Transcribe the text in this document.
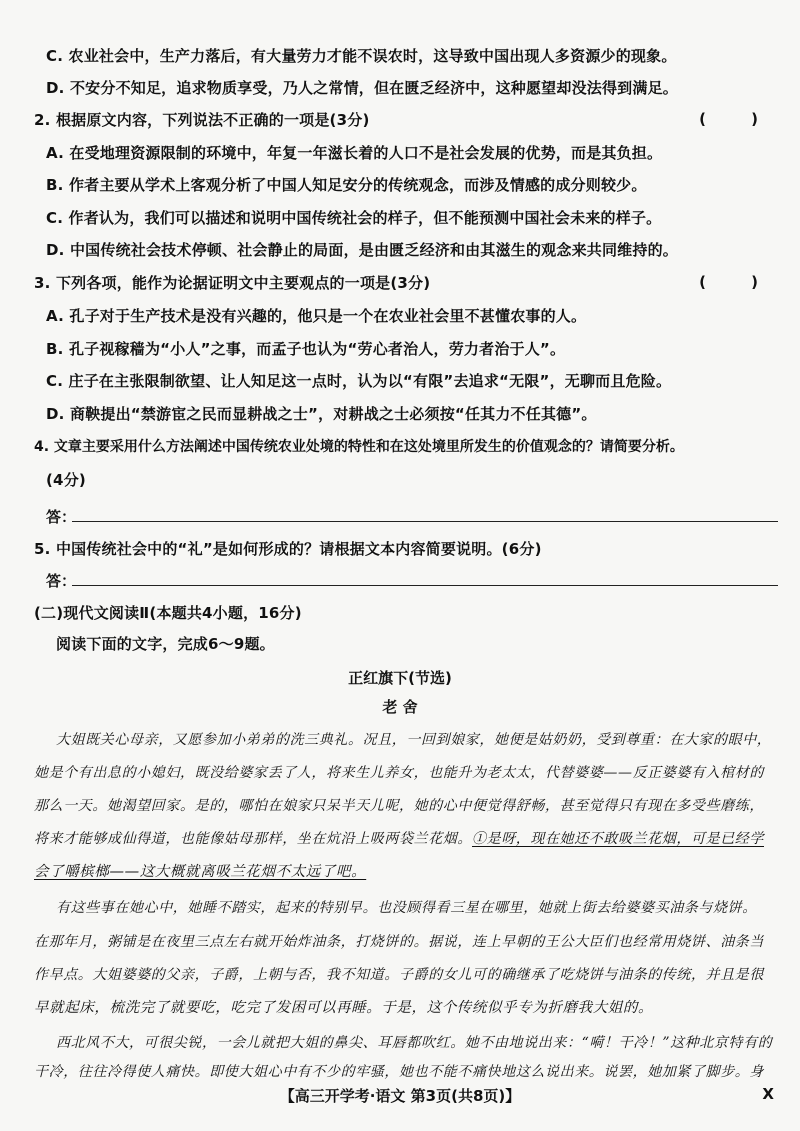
C. 农业社会中，生产力落后，有大量劳力才能不误农时，这导致中国出现人多资源少的现象。
D. 不安分不知足，追求物质享受，乃人之常情，但在匮乏经济中，这种愿望却没法得到满足。
2. 根据原文内容，下列说法不正确的一项是(3分)	( )
A. 在受地理资源限制的环境中，年复一年滋长着的人口不是社会发展的优势，而是其负担。
B. 作者主要从学术上客观分析了中国人知足安分的传统观念，而涉及情感的成分则较少。
C. 作者认为，我们可以描述和说明中国传统社会的样子，但不能预测中国社会未来的样子。
D. 中国传统社会技术停顿、社会静止的局面，是由匮乏经济和由其滋生的观念来共同维持的。
3. 下列各项，能作为论据证明文中主要观点的一项是(3分)	( )
A. 孔子对于生产技术是没有兴趣的，他只是一个在农业社会里不甚懂农事的人。
B. 孔子视稼穑为“小人”之事，而孟子也认为“劳心者治人，劳力者治于人”。
C. 庄子在主张限制欲望、让人知足这一点时，认为以“有限”去追求“无限”，无聊而且危险。
D. 商鞅提出“禁游宦之民而显耕战之士”，对耕战之士必须按“任其力不任其德”。
4. 文章主要采用什么方法阐述中国传统农业处境的特性和在这处境里所发生的价值观念的？请简要分析。
(4分)
答：
5. 中国传统社会中的“礼”是如何形成的？请根据文本内容简要说明。(6分)
答：
(二)现代文阅读Ⅱ(本题共4小题，16分)
阅读下面的文字，完成6～9题。
正红旗下(节选)
老 舍
大姐既关心母亲，又愿参加小弟弟的洗三典礼。况且，一回到娘家，她便是姑奶奶，受到尊重：在大家的眼中，
她是个有出息的小媳妇，既没给婆家丢了人，将来生儿养女，也能升为老太太，代替婆婆——反正婆婆有入棺材的
那么一天。她渴望回家。是的，哪怕在娘家只呆半天儿呢，她的心中便觉得舒畅，甚至觉得只有现在多受些磨练，
将来才能够成仙得道，也能像姑母那样，坐在炕沿上吸两袋兰花烟。①是呀，现在她还不敢吸兰花烟，可是已经学
会了嚼槟榔——这大概就离吸兰花烟不太远了吧。
有这些事在她心中，她睡不踏实，起来的特别早。也没顾得看三星在哪里，她就上街去给婆婆买油条与烧饼。
在那年月，粥铺是在夜里三点左右就开始炸油条，打烧饼的。据说，连上早朝的王公大臣们也经常用烧饼、油条当
作早点。大姐婆婆的父亲，子爵，上朝与否，我不知道。子爵的女儿可的确继承了吃烧饼与油条的传统，并且是很
早就起床，梳洗完了就要吃，吃完了发困可以再睡。于是，这个传统似乎专为折磨我大姐的。
西北风不大，可很尖锐，一会儿就把大姐的鼻尖、耳唇都吹红。她不由地说出来：“嗬！干冷！”这种北京特有的
干冷，往往冷得使人痛快。即使大姐心中有不少的牢骚，她也不能不痛快地这么说出来。说罢，她加紧了脚步。身
【高三开学考·语文 第3页(共8页)】	X
